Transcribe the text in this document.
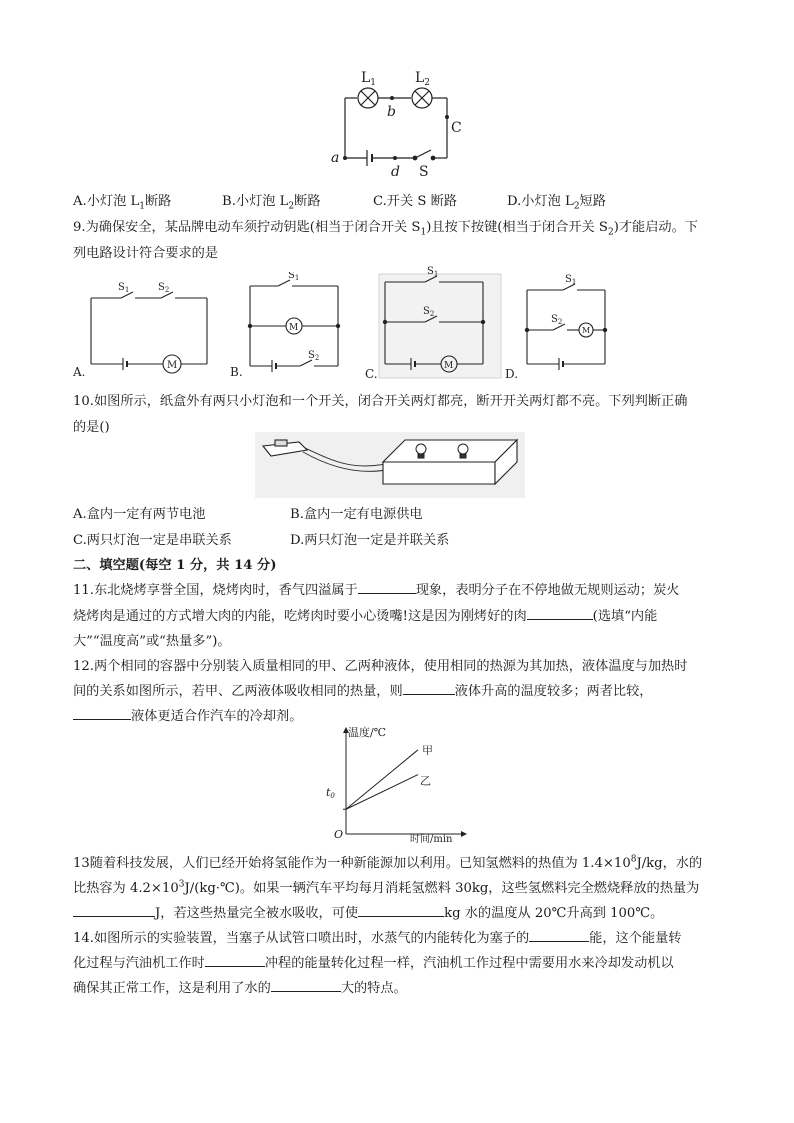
$L_1$	$L_2$
b
C
a
d S
A.小灯泡 $L_1$断路	B.小灯泡 $L_2$断路	C.开关 S 断路	D.小灯泡 $L_2$短路
9.为确保安全，某品牌电动车须拧动钥匙(相当于闭合开关 $S_1$)且按下按键(相当于闭合开关 $S_2$)才能启动。下
列电路设计符合要求的是
$S_1$	$S_2$
M
A.
$S_1$
$S_2$
M
B.
$S_1$
$S_2$
M
C.
$S_1$
$S_2$
M
D.
10.如图所示，纸盒外有两只小灯泡和一个开关，闭合开关两灯都亮，断开开关两灯都不亮。下列判断正确
的是()
A.盒内一定有两节电池	B.盒内一定有电源供电
C.两只灯泡一定是串联关系	D.两只灯泡一定是并联关系
二、填空题(每空 1 分，共 14 分)
11.东北烧烤享誉全国，烧烤肉时，香气四溢属于	现象，表明分子在不停地做无规则运动；炭火
烧烤肉是通过的方式增大肉的内能，吃烤肉时要小心烫嘴!这是因为刚烤好的肉	(选填“内能
大”“温度高”或“热量多”)。
12.两个相同的容器中分别装入质量相同的甲、乙两种液体，使用相同的热源为其加热，液体温度与加热时
间的关系如图所示，若甲、乙两液体吸收相同的热量，则	液体升高的温度较多；两者比较，
液体更适合作汽车的冷却剂。
温度/℃
时间/min
O
t0
甲
乙
13随着科技发展，人们已经开始将氢能作为一种新能源加以利用。已知氢燃料的热值为 $1.4\times 10^8J/kg$，水的
比热容为 $4.2\times 10^3J/(kg\cdot℃)$。如果一辆汽车平均每月消耗氢燃料 30kg，这些氢燃料完全燃烧释放的热量为
J，若这些热量完全被水吸收，可使	kg 水的温度从 20℃升高到 100℃。
14.如图所示的实验装置，当塞子从试管口喷出时，水蒸气的内能转化为塞子的	能，这个能量转
化过程与汽油机工作时	冲程的能量转化过程一样，汽油机工作过程中需要用水来冷却发动机以
确保其正常工作，这是利用了水的	大的特点。
